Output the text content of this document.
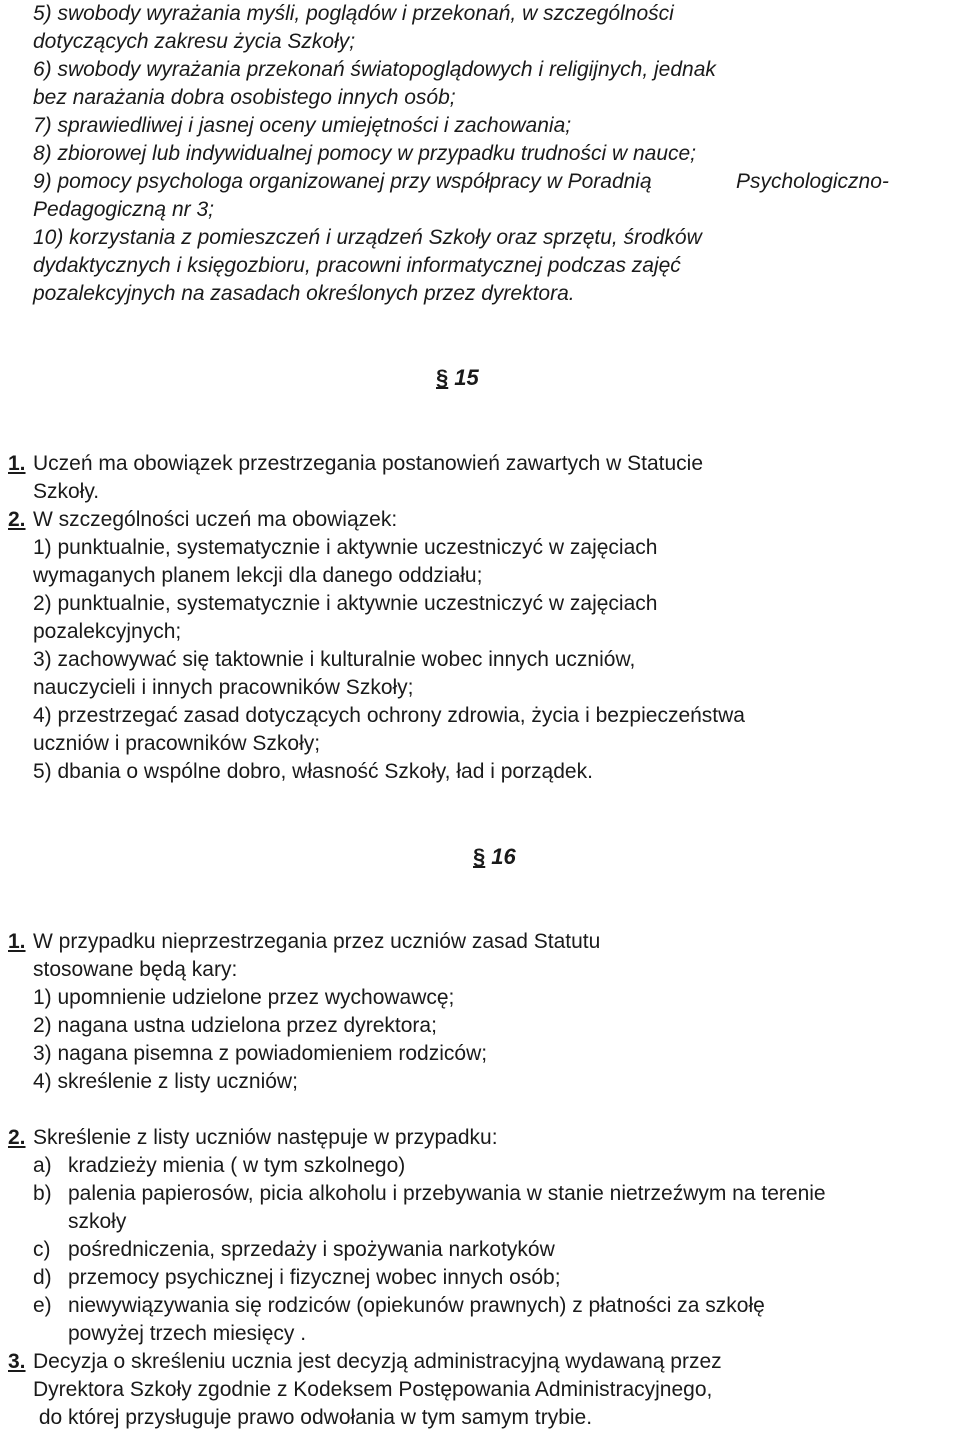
5) swobody wyrażania myśli, poglądów i przekonań, w szczególności
dotyczących zakresu życia Szkoły;
6) swobody wyrażania przekonań światopoglądowych i religijnych, jednak
bez narażania dobra osobistego innych osób;
7) sprawiedliwej i jasnej oceny umiejętności i zachowania;
8) zbiorowej lub indywidualnej pomocy w przypadku trudności w nauce;
9) pomocy psychologa organizowanej przy współpracy w Poradnią	Psychologiczno-
Pedagogiczną nr 3;
10) korzystania z pomieszczeń i urządzeń Szkoły oraz sprzętu, środków
dydaktycznych i księgozbioru, pracowni informatycznej podczas zajęć
pozalekcyjnych na zasadach określonych przez dyrektora.
§ 15
1. Uczeń ma obowiązek przestrzegania postanowień zawartych w Statucie
Szkoły.
2. W szczególności uczeń ma obowiązek:
1) punktualnie, systematycznie i aktywnie uczestniczyć w zajęciach
wymaganych planem lekcji dla danego oddziału;
2) punktualnie, systematycznie i aktywnie uczestniczyć w zajęciach
pozalekcyjnych;
3) zachowywać się taktownie i kulturalnie wobec innych uczniów,
nauczycieli i innych pracowników Szkoły;
4) przestrzegać zasad dotyczących ochrony zdrowia, życia i bezpieczeństwa
uczniów i pracowników Szkoły;
5) dbania o wspólne dobro, własność Szkoły, ład i porządek.
§ 16
1. W przypadku nieprzestrzegania przez uczniów zasad Statutu
stosowane będą kary:
1) upomnienie udzielone przez wychowawcę;
2) nagana ustna udzielona przez dyrektora;
3) nagana pisemna z powiadomieniem rodziców;
4) skreślenie z listy uczniów;
2. Skreślenie z listy uczniów następuje w przypadku:
a) kradzieży mienia ( w tym szkolnego)
b) palenia papierosów, picia alkoholu i przebywania w stanie nietrzeźwym na terenie
szkoły
c) pośredniczenia, sprzedaży i spożywania narkotyków
d) przemocy psychicznej i fizycznej wobec innych osób;
e) niewywiązywania się rodziców (opiekunów prawnych) z płatności za szkołę
powyżej trzech miesięcy .
3. Decyzja o skreśleniu ucznia jest decyzją administracyjną wydawaną przez
Dyrektora Szkoły zgodnie z Kodeksem Postępowania Administracyjnego,
do której przysługuje prawo odwołania w tym samym trybie.
